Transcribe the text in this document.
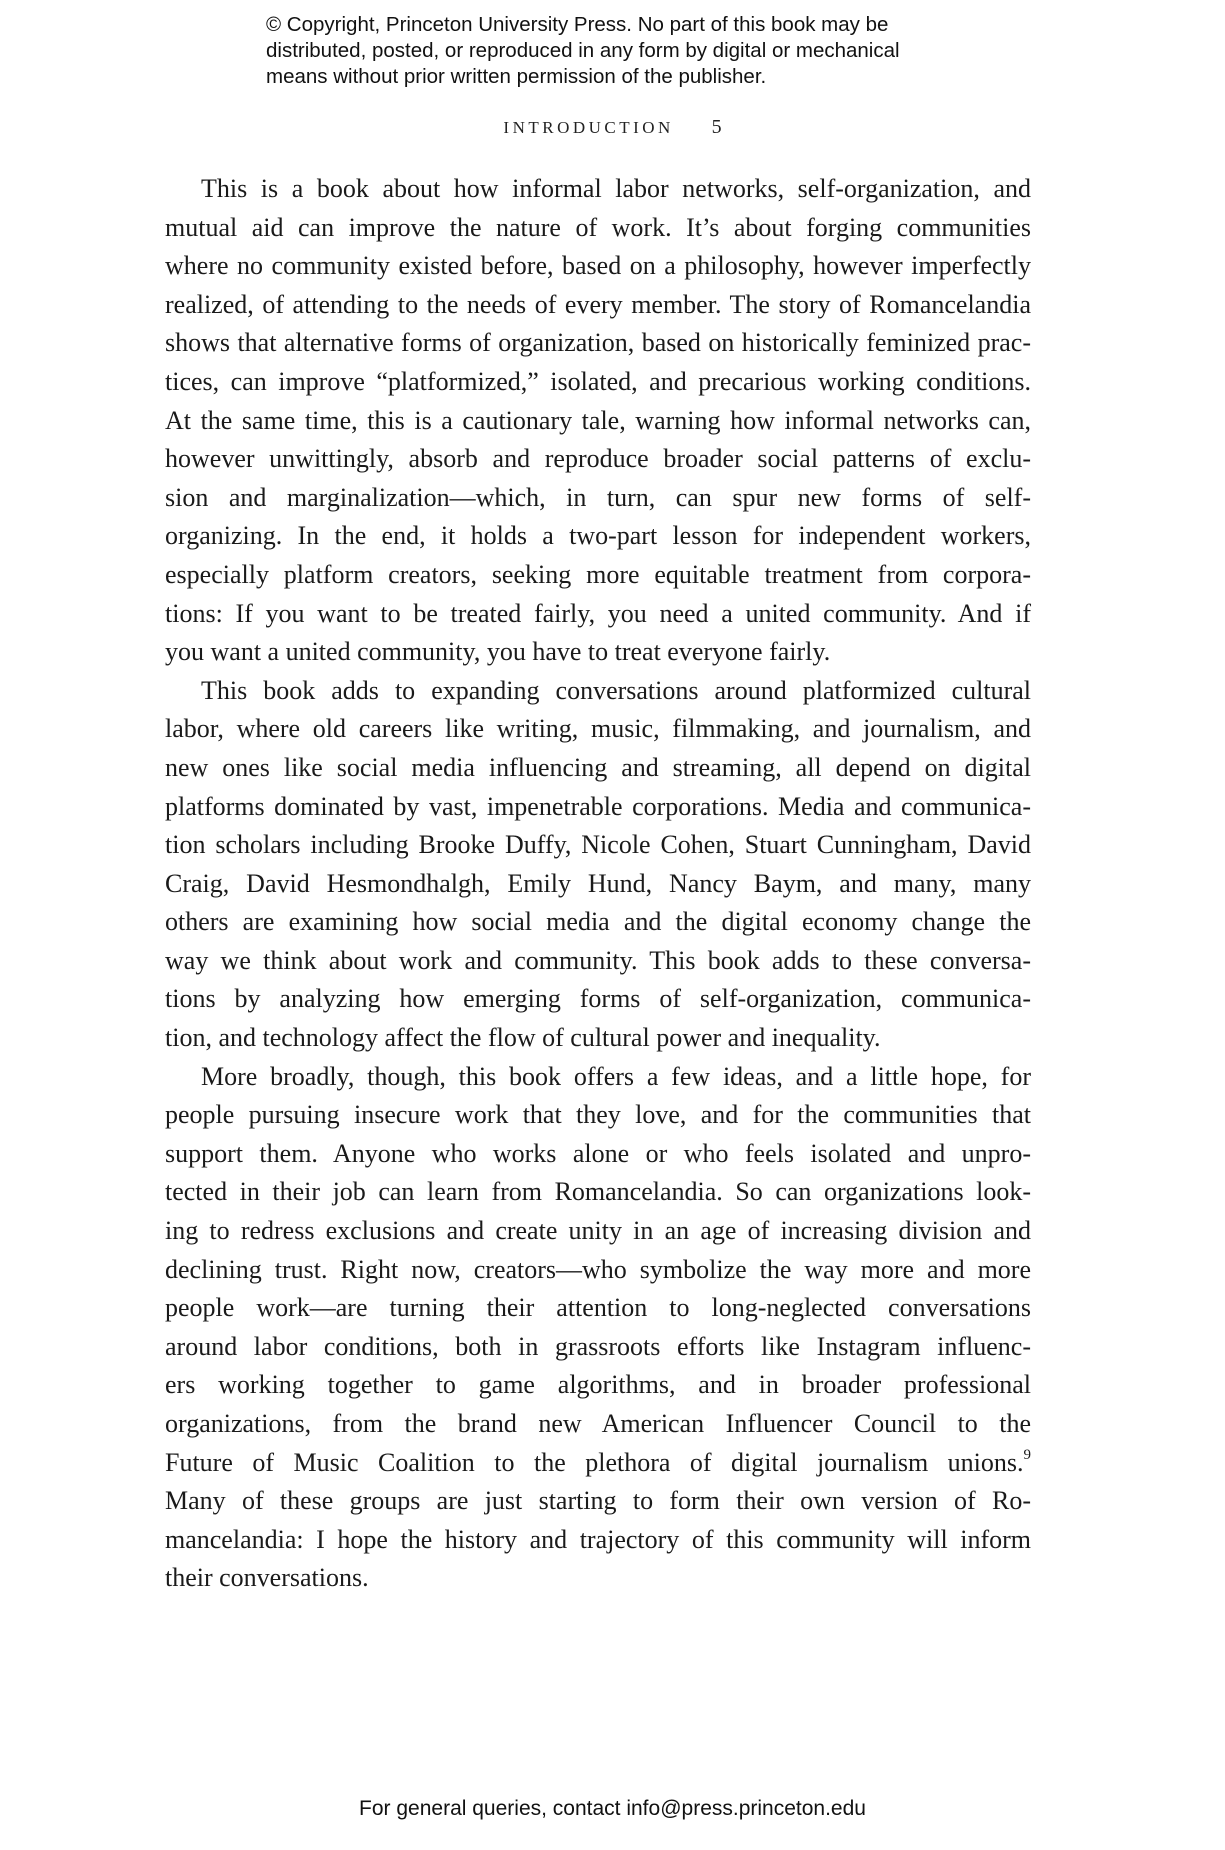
© Copyright, Princeton University Press. No part of this book may be

distributed, posted, or reproduced in any form by digital or mechanical

means without prior written permission of the publisher.

INTRODUCTION 5
This is a book about how informal labor networks, self-organization, and
mutual aid can improve the nature of work. It’s about forging communities
where no community existed before, based on a philosophy, however imperfectly
realized, of attending to the needs of every member. The story of Romancelandia
shows that alternative forms of organization, based on historically feminized prac-
tices, can improve “platformized,” isolated, and precarious working conditions.
At the same time, this is a cautionary tale, warning how informal networks can,
however unwittingly, absorb and reproduce broader social patterns of exclu-
sion and marginalization—which, in turn, can spur new forms of self-
organizing. In the end, it holds a two-part lesson for independent workers,
especially platform creators, seeking more equitable treatment from corpora-
tions: If you want to be treated fairly, you need a united community. And if
you want a united community, you have to treat everyone fairly.
This book adds to expanding conversations around platformized cultural
labor, where old careers like writing, music, filmmaking, and journalism, and
new ones like social media influencing and streaming, all depend on digital
platforms dominated by vast, impenetrable corporations. Media and communica-
tion scholars including Brooke Duffy, Nicole Cohen, Stuart Cunningham, David
Craig, David Hesmondhalgh, Emily Hund, Nancy Baym, and many, many
others are examining how social media and the digital economy change the
way we think about work and community. This book adds to these conversa-
tions by analyzing how emerging forms of self-organization, communica-
tion, and technology affect the flow of cultural power and inequality.
More broadly, though, this book offers a few ideas, and a little hope, for
people pursuing insecure work that they love, and for the communities that
support them. Anyone who works alone or who feels isolated and unpro-
tected in their job can learn from Romancelandia. So can organizations look-
ing to redress exclusions and create unity in an age of increasing division and
declining trust. Right now, creators—who symbolize the way more and more
people work—are turning their attention to long-neglected conversations
around labor conditions, both in grassroots efforts like Instagram influenc-
ers working together to game algorithms, and in broader professional
organizations, from the brand new American Influencer Council to the
Future of Music Coalition to the plethora of digital journalism unions.$^9$
Many of these groups are just starting to form their own version of Ro-
mancelandia: I hope the history and trajectory of this community will inform
their conversations.
For general queries, contact info@press.princeton.edu
